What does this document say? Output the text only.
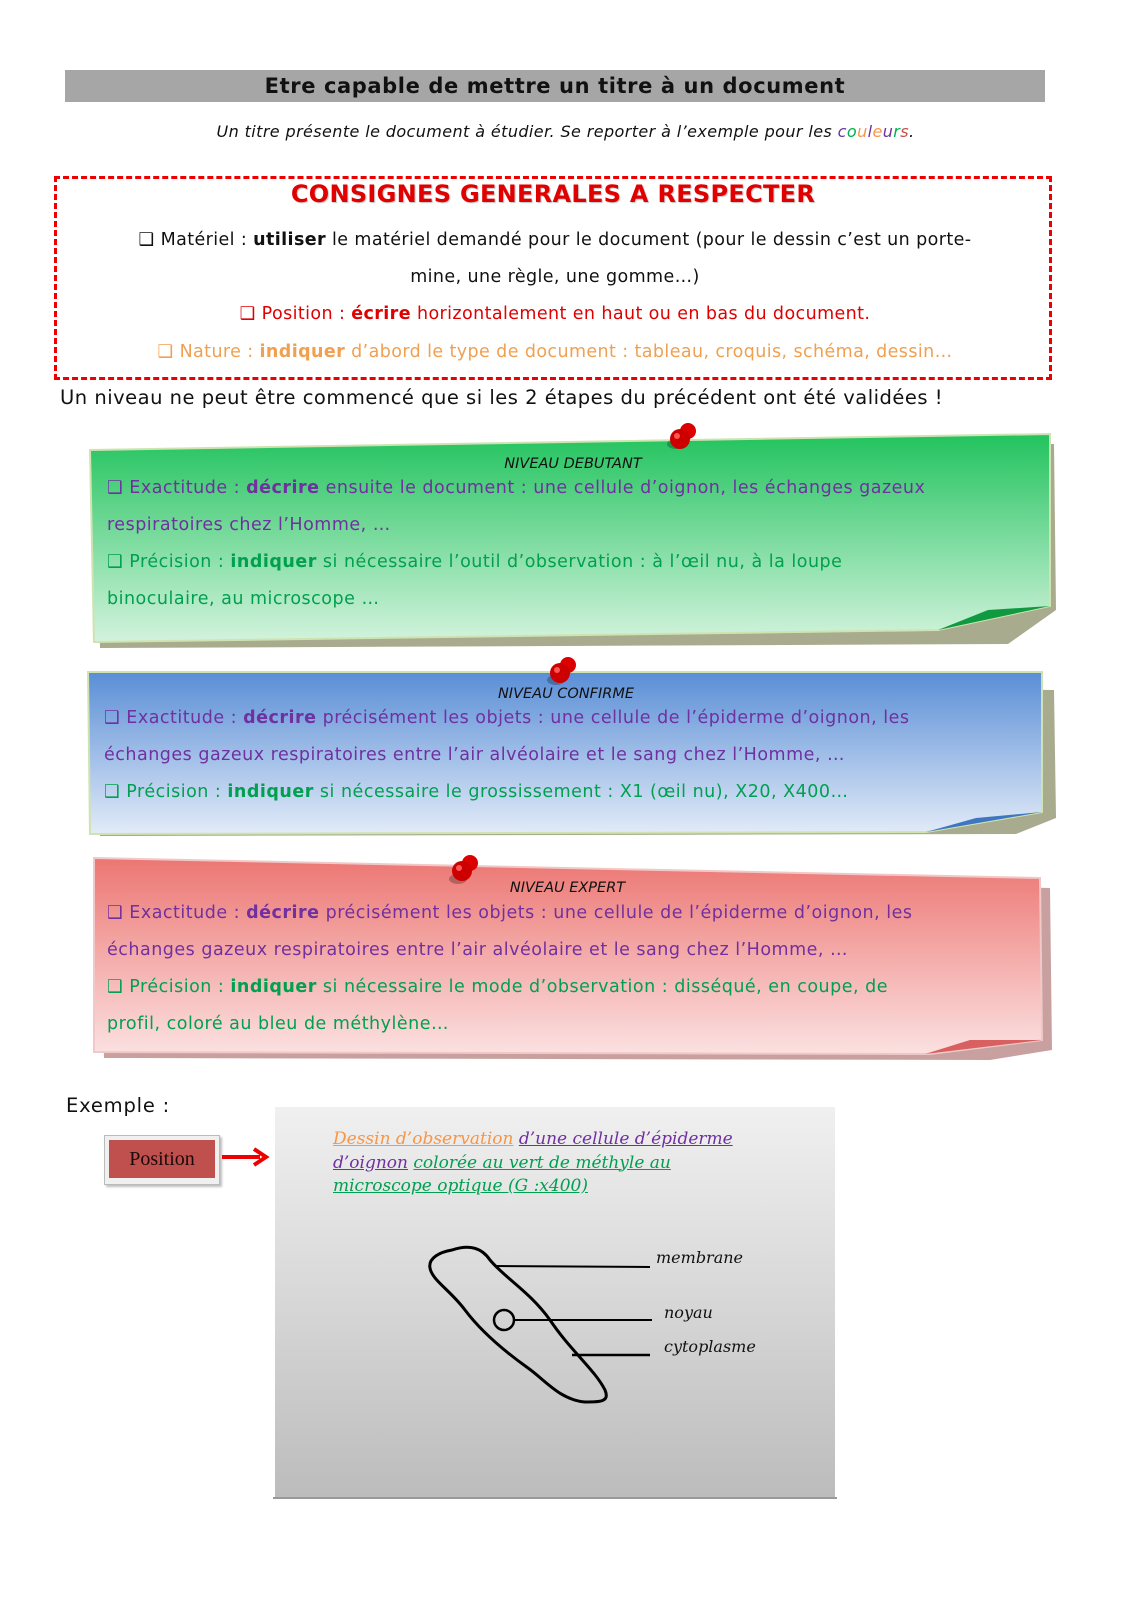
Etre capable de mettre un titre à un document
Un titre présente le document à étudier. Se reporter à l’exemple pour les couleurs.
CONSIGNES GENERALES A RESPECTER
❑ Matériel : utiliser le matériel demandé pour le document (pour le dessin c’est un porte-
mine, une règle, une gomme…)
❑ Position : écrire horizontalement en haut ou en bas du document.
❑ Nature : indiquer d’abord le type de document : tableau, croquis, schéma, dessin…
Un niveau ne peut être commencé que si les 2 étapes du précédent ont été validées !
NIVEAU DEBUTANT
❑ Exactitude : décrire ensuite le document : une cellule d’oignon, les échanges gazeux
respiratoires chez l’Homme, …
❑ Précision : indiquer si nécessaire l’outil d’observation : à l’œil nu, à la loupe
binoculaire, au microscope …
NIVEAU CONFIRME
❑ Exactitude : décrire précisément les objets : une cellule de l’épiderme d’oignon, les
échanges gazeux respiratoires entre l’air alvéolaire et le sang chez l’Homme, …
❑ Précision : indiquer si nécessaire le grossissement : X1 (œil nu), X20, X400…
NIVEAU EXPERT
❑ Exactitude : décrire précisément les objets : une cellule de l’épiderme d’oignon, les
échanges gazeux respiratoires entre l’air alvéolaire et le sang chez l’Homme, …
❑ Précision : indiquer si nécessaire le mode d’observation : disséqué, en coupe, de
profil, coloré au bleu de méthylène…
Exemple :
Position
Dessin d’observation d’une cellule d’épiderme
d’oignon colorée au vert de méthyle au
microscope optique (G :x400)
membrane
noyau
cytoplasme
